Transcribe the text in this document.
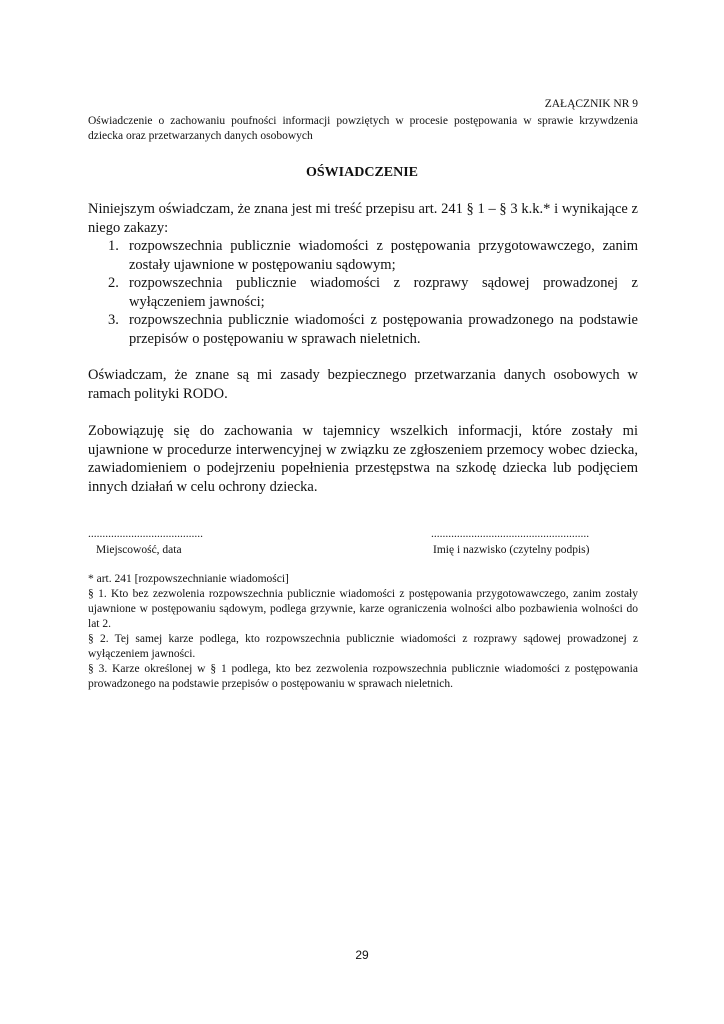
ZAŁĄCZNIK NR 9
Oświadczenie o zachowaniu poufności informacji powziętych w procesie postępowania w sprawie krzywdzenia dziecka oraz przetwarzanych danych osobowych
OŚWIADCZENIE
Niniejszym oświadczam, że znana jest mi treść przepisu art. 241 § 1 – § 3 k.k.* i wynikające z niego zakazy:
1. rozpowszechnia publicznie wiadomości z postępowania przygotowawczego, zanim zostały ujawnione w postępowaniu sądowym;
2. rozpowszechnia publicznie wiadomości z rozprawy sądowej prowadzonej z wyłączeniem jawności;
3. rozpowszechnia publicznie wiadomości z postępowania prowadzonego na podstawie przepisów o postępowaniu w sprawach nieletnich.
Oświadczam, że znane są mi zasady bezpiecznego przetwarzania danych osobowych w ramach polityki RODO.
Zobowiązuję się do zachowania w tajemnicy wszelkich informacji, które zostały mi ujawnione w procedurze interwencyjnej w związku ze zgłoszeniem przemocy wobec dziecka, zawiadomieniem o podejrzeniu popełnienia przestępstwa na szkodę dziecka lub podjęciem innych działań w celu ochrony dziecka.
........................................
Miejscowość, data
.......................................................
Imię i nazwisko (czytelny podpis)

* art. 241 [rozpowszechnianie wiadomości]

§ 1. Kto bez zezwolenia rozpowszechnia publicznie wiadomości z postępowania przygotowawczego, zanim zostały ujawnione w postępowaniu sądowym, podlega grzywnie, karze ograniczenia wolności albo pozbawienia wolności do lat 2.

§ 2. Tej samej karze podlega, kto rozpowszechnia publicznie wiadomości z rozprawy sądowej prowadzonej z wyłączeniem jawności.

§ 3. Karze określonej w § 1 podlega, kto bez zezwolenia rozpowszechnia publicznie wiadomości z postępowania prowadzonego na podstawie przepisów o postępowaniu w sprawach nieletnich.

29
